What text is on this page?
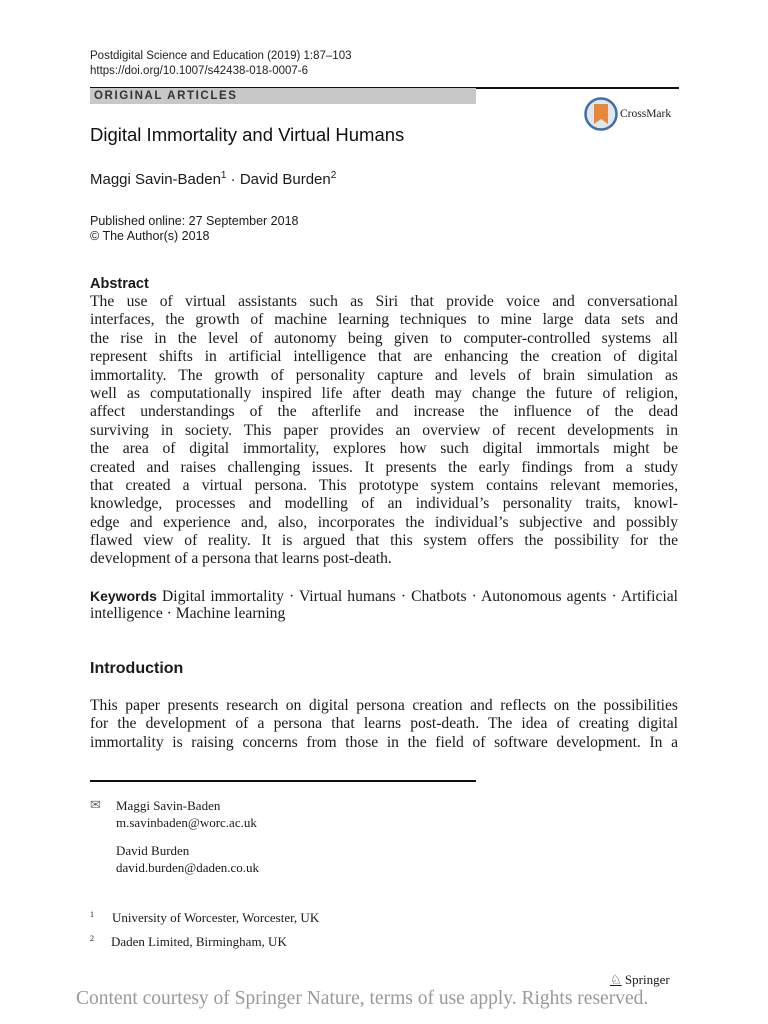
Postdigital Science and Education (2019) 1:87–103
https://doi.org/10.1007/s42438-018-0007-6
ORIGINAL ARTICLES
CrossMark
Digital Immortality and Virtual Humans
Maggi Savin-Baden$^1$ · David Burden$^2$
Published online: 27 September 2018
© The Author(s) 2018
Abstract
The use of virtual assistants such as Siri that provide voice and conversational
interfaces, the growth of machine learning techniques to mine large data sets and
the rise in the level of autonomy being given to computer-controlled systems all
represent shifts in artificial intelligence that are enhancing the creation of digital
immortality. The growth of personality capture and levels of brain simulation as
well as computationally inspired life after death may change the future of religion,
affect understandings of the afterlife and increase the influence of the dead
surviving in society. This paper provides an overview of recent developments in
the area of digital immortality, explores how such digital immortals might be
created and raises challenging issues. It presents the early findings from a study
that created a virtual persona. This prototype system contains relevant memories,
knowledge, processes and modelling of an individual’s personality traits, knowl-
edge and experience and, also, incorporates the individual’s subjective and possibly
flawed view of reality. It is argued that this system offers the possibility for the
development of a persona that learns post-death.
Keywords Digital immortality · Virtual humans · Chatbots · Autonomous agents · Artificial
intelligence · Machine learning
Introduction
This paper presents research on digital persona creation and reflects on the possibilities
for the development of a persona that learns post-death. The idea of creating digital
immortality is raising concerns from those in the field of software development. In a
✉ Maggi Savin-Baden
m.savinbaden@worc.ac.uk
David Burden
david.burden@daden.co.uk
$^1$ University of Worcester, Worcester, UK
$^2$ Daden Limited, Birmingham, UK
♘ Springer
Content courtesy of Springer Nature, terms of use apply. Rights reserved.
